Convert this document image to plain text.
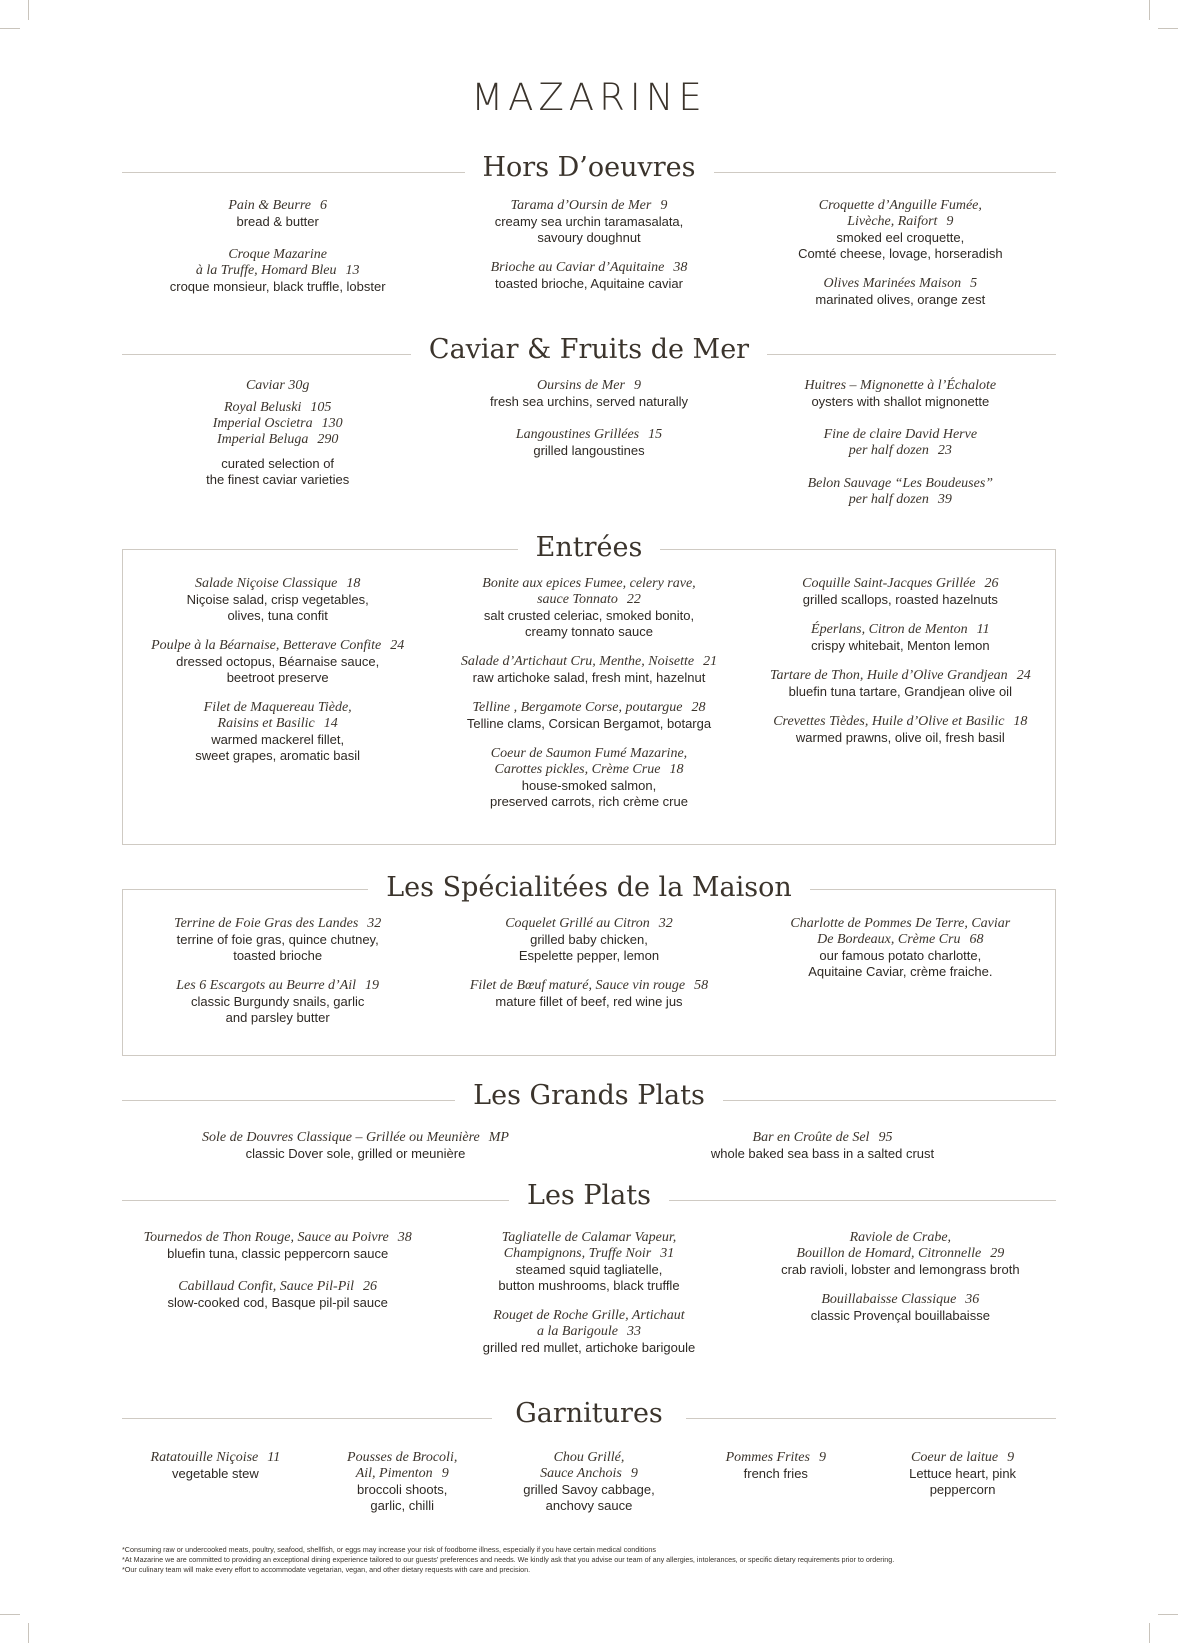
MAZARINE
Hors D’oeuvres
Pain & Beurre 6
bread & butter
Croque Mazarine
à la Truffe, Homard Bleu 13
croque monsieur, black truffle, lobster
Tarama d’Oursin de Mer 9
creamy sea urchin taramasalata,
savoury doughnut
Brioche au Caviar d’Aquitaine 38
toasted brioche, Aquitaine caviar
Croquette d’Anguille Fumée,
Livèche, Raifort 9
smoked eel croquette,
Comté cheese, lovage, horseradish
Olives Marinées Maison 5
marinated olives, orange zest
Caviar & Fruits de Mer
Caviar 30g
Royal Beluski 105
Imperial Oscietra 130
Imperial Beluga 290
curated selection of
the finest caviar varieties
Oursins de Mer 9
fresh sea urchins, served naturally
Langoustines Grillées 15
grilled langoustines
Huitres – Mignonette à l’Échalote
oysters with shallot mignonette
Fine de claire David Herve
per half dozen 23
Belon Sauvage “Les Boudeuses”
per half dozen 39
Entrées
Salade Niçoise Classique 18
Niçoise salad, crisp vegetables,
olives, tuna confit
Poulpe à la Béarnaise, Betterave Confite 24
dressed octopus, Béarnaise sauce,
beetroot preserve
Filet de Maquereau Tiède,
Raisins et Basilic 14
warmed mackerel fillet,
sweet grapes, aromatic basil
Bonite aux epices Fumee, celery rave,
sauce Tonnato 22
salt crusted celeriac, smoked bonito,
creamy tonnato sauce
Salade d’Artichaut Cru, Menthe, Noisette 21
raw artichoke salad, fresh mint, hazelnut
Telline , Bergamote Corse, poutargue 28
Telline clams, Corsican Bergamot, botarga
Coeur de Saumon Fumé Mazarine,
Carottes pickles, Crème Crue 18
house-smoked salmon,
preserved carrots, rich crème crue
Coquille Saint-Jacques Grillée 26
grilled scallops, roasted hazelnuts
Éperlans, Citron de Menton 11
crispy whitebait, Menton lemon
Tartare de Thon, Huile d’Olive Grandjean 24
bluefin tuna tartare, Grandjean olive oil
Crevettes Tièdes, Huile d’Olive et Basilic 18
warmed prawns, olive oil, fresh basil
Les Spécialitées de la Maison
Terrine de Foie Gras des Landes 32
terrine of foie gras, quince chutney,
toasted brioche
Les 6 Escargots au Beurre d’Ail 19
classic Burgundy snails, garlic
and parsley butter
Coquelet Grillé au Citron 32
grilled baby chicken,
Espelette pepper, lemon
Filet de Bœuf maturé, Sauce vin rouge 58
mature fillet of beef, red wine jus
Charlotte de Pommes De Terre, Caviar
De Bordeaux, Crème Cru 68
our famous potato charlotte,
Aquitaine Caviar, crème fraiche.
Les Grands Plats
Sole de Douvres Classique – Grillée ou Meunière MP
classic Dover sole, grilled or meunière
Bar en Croûte de Sel 95
whole baked sea bass in a salted crust
Les Plats
Tournedos de Thon Rouge, Sauce au Poivre 38
bluefin tuna, classic peppercorn sauce
Cabillaud Confit, Sauce Pil-Pil 26
slow-cooked cod, Basque pil-pil sauce
Tagliatelle de Calamar Vapeur,
Champignons, Truffe Noir 31
steamed squid tagliatelle,
button mushrooms, black truffle
Rouget de Roche Grille, Artichaut
a la Barigoule 33
grilled red mullet, artichoke barigoule
Raviole de Crabe,
Bouillon de Homard, Citronnelle 29
crab ravioli, lobster and lemongrass broth
Bouillabaisse Classique 36
classic Provençal bouillabaisse
Garnitures
Ratatouille Niçoise 11
vegetable stew
Pousses de Brocoli,
Ail, Pimenton 9
broccoli shoots,
garlic, chilli
Chou Grillé,
Sauce Anchois 9
grilled Savoy cabbage,
anchovy sauce
Pommes Frites 9
french fries
Coeur de laitue 9
Lettuce heart, pink
peppercorn
*Consuming raw or undercooked meats, poultry, seafood, shellfish, or eggs may increase your risk of foodborne illness, especially if you have certain medical conditions
*At Mazarine we are committed to providing an exceptional dining experience tailored to our guests’ preferences and needs. We kindly ask that you advise our team of any allergies, intolerances, or specific dietary requirements prior to ordering.
*Our culinary team will make every effort to accommodate vegetarian, vegan, and other dietary requests with care and precision.
